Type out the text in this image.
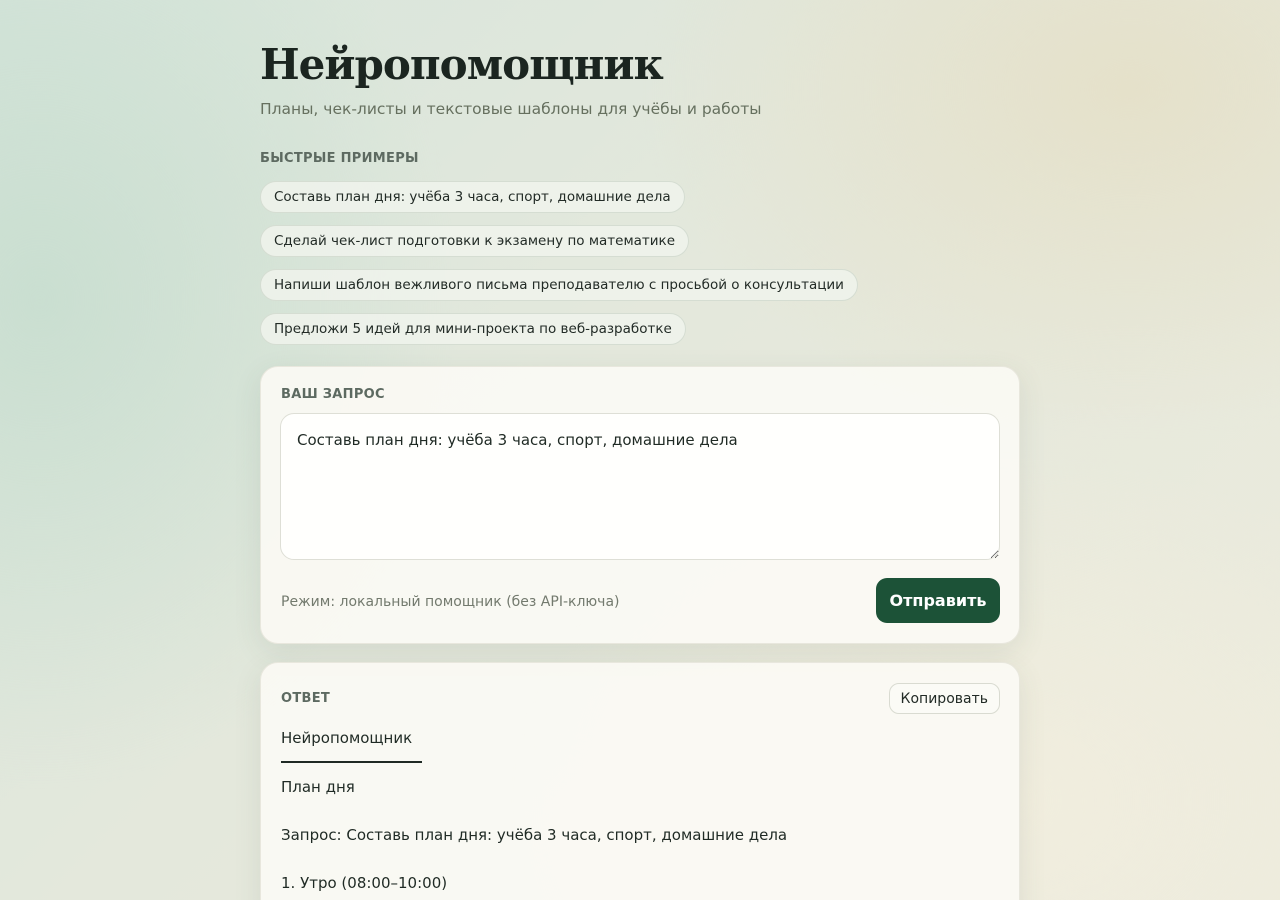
Нейропомощник
Планы, чек-листы и текстовые шаблоны для учёбы и работы
БЫСТРЫЕ ПРИМЕРЫ
Составь план дня: учёба 3 часа, спорт, домашние дела
Сделай чек-лист подготовки к экзамену по математике
Напиши шаблон вежливого письма преподавателю с просьбой о консультации
Предложи 5 идей для мини-проекта по веб-разработке
ВАШ ЗАПРОС
Составь план дня: учёба 3 часа, спорт, домашние дела
Режим: локальный помощник (без API-ключа)	Отправить
ОТВЕТ	Копировать
Нейропомощник
План дня
Запрос: Составь план дня: учёба 3 часа, спорт, домашние дела
1. Утро (08:00–10:00)
